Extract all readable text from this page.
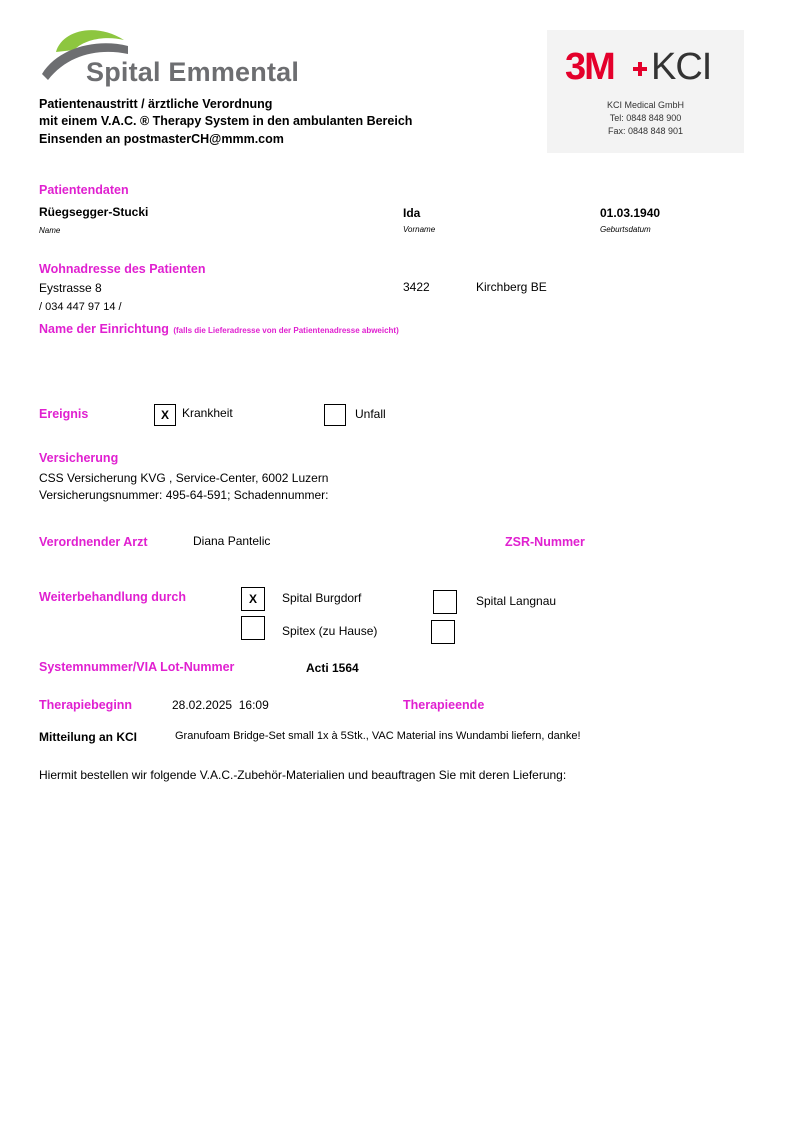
Spital Emmental
Patientenaustritt / ärztliche Verordnung
mit einem V.A.C. ® Therapy System in den ambulanten Bereich
Einsenden an postmasterCH@mmm.com
3M KCI
KCI Medical GmbH
Tel: 0848 848 900
Fax: 0848 848 901
Patientendaten
Rüegsegger-Stucki
Name
Ida
Vorname
01.03.1940
Geburtsdatum
Wohnadresse des Patienten
Eystrasse 8	3422	Kirchberg BE
/ 034 447 97 14 /
Name der Einrichtung (falls die Lieferadresse von der Patientenadresse abweicht)
Ereignis	X	Krankheit	Unfall
Versicherung
CSS Versicherung KVG , Service-Center, 6002 Luzern
Versicherungsnummer: 495-64-591; Schadennummer:
Verordnender Arzt	Diana Pantelic	ZSR-Nummer
Weiterbehandlung durch	X	Spital Burgdorf	Spital Langnau
Spitex (zu Hause)
Systemnummer/VIA Lot-Nummer	Acti 1564
Therapiebeginn	28.02.2025  16:09	Therapieende
Mitteilung an KCI	Granufoam Bridge-Set small 1x à 5Stk., VAC Material ins Wundambi liefern, danke!
Hiermit bestellen wir folgende V.A.C.-Zubehör-Materialien und beauftragen Sie mit deren Lieferung:
